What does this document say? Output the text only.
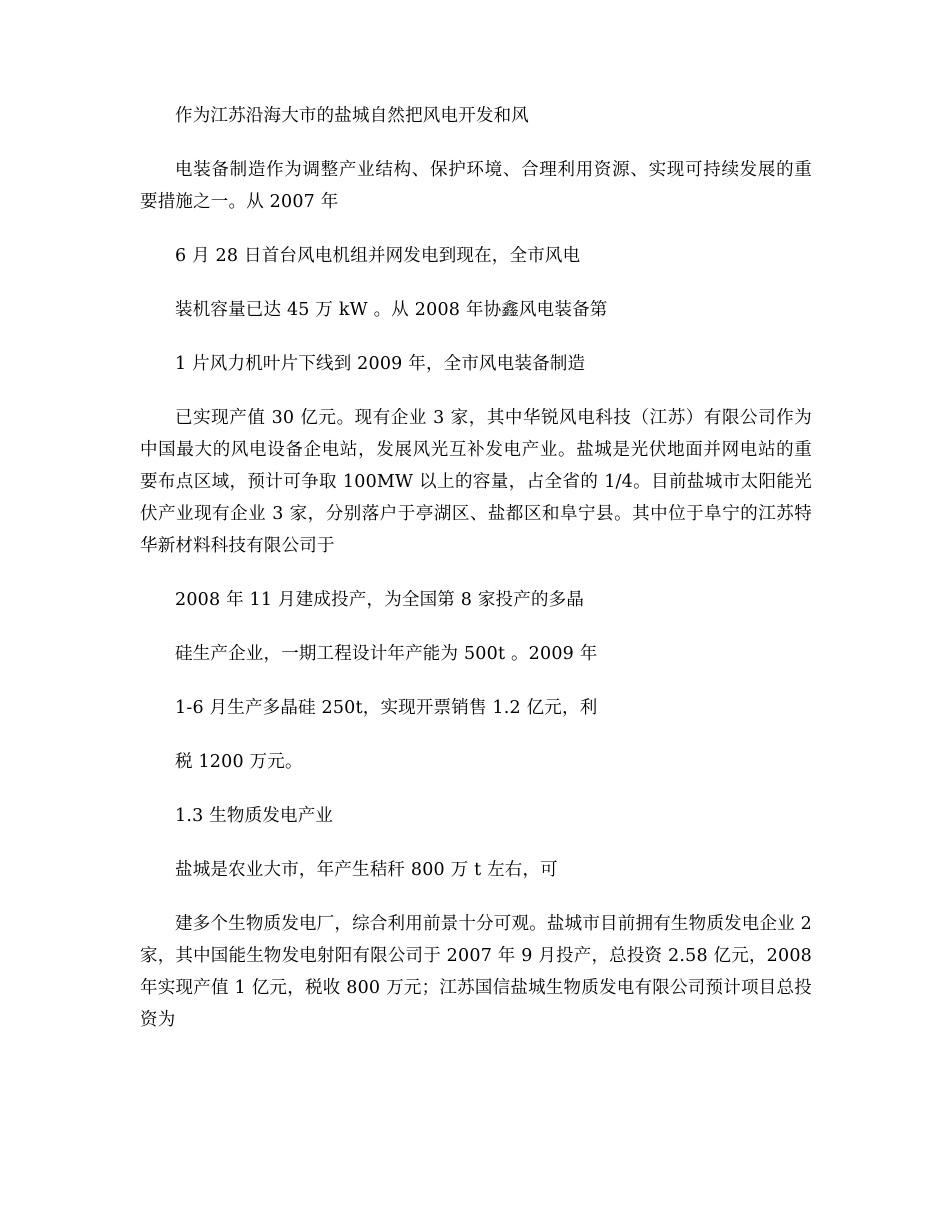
作为江苏沿海大市的盐城自然把风电开发和风

电装备制造作为调整产业结构、保护环境、合理利用资源、实现可持续发展的重要措施之一。从 2007 年

6 月 28 日首台风电机组并网发电到现在，全市风电

装机容量已达 45 万 kW 。从 2008 年协鑫风电装备第

1 片风力机叶片下线到 2009 年，全市风电装备制造

已实现产值 30 亿元。现有企业 3 家，其中华锐风电科技（江苏）有限公司作为中国最大的风电设备企电站，发展风光互补发电产业。盐城是光伏地面并网电站的重要布点区域，预计可争取 100MW 以上的容量，占全省的 1/4。目前盐城市太阳能光伏产业现有企业 3 家，分别落户于亭湖区、盐都区和阜宁县。其中位于阜宁的江苏特华新材料科技有限公司于

2008 年 11 月建成投产，为全国第 8 家投产的多晶

硅生产企业，一期工程设计年产能为 500t 。2009 年

1-6 月生产多晶硅 250t，实现开票销售 1.2 亿元，利

税 1200 万元。

1.3 生物质发电产业

盐城是农业大市，年产生秸秆 800 万 t 左右，可

建多个生物质发电厂，综合利用前景十分可观。盐城市目前拥有生物质发电企业 2 家，其中国能生物发电射阳有限公司于 2007 年 9 月投产，总投资 2.58 亿元，2008 年实现产值 1 亿元，税收 800 万元；江苏国信盐城生物质发电有限公司预计项目总投资为
